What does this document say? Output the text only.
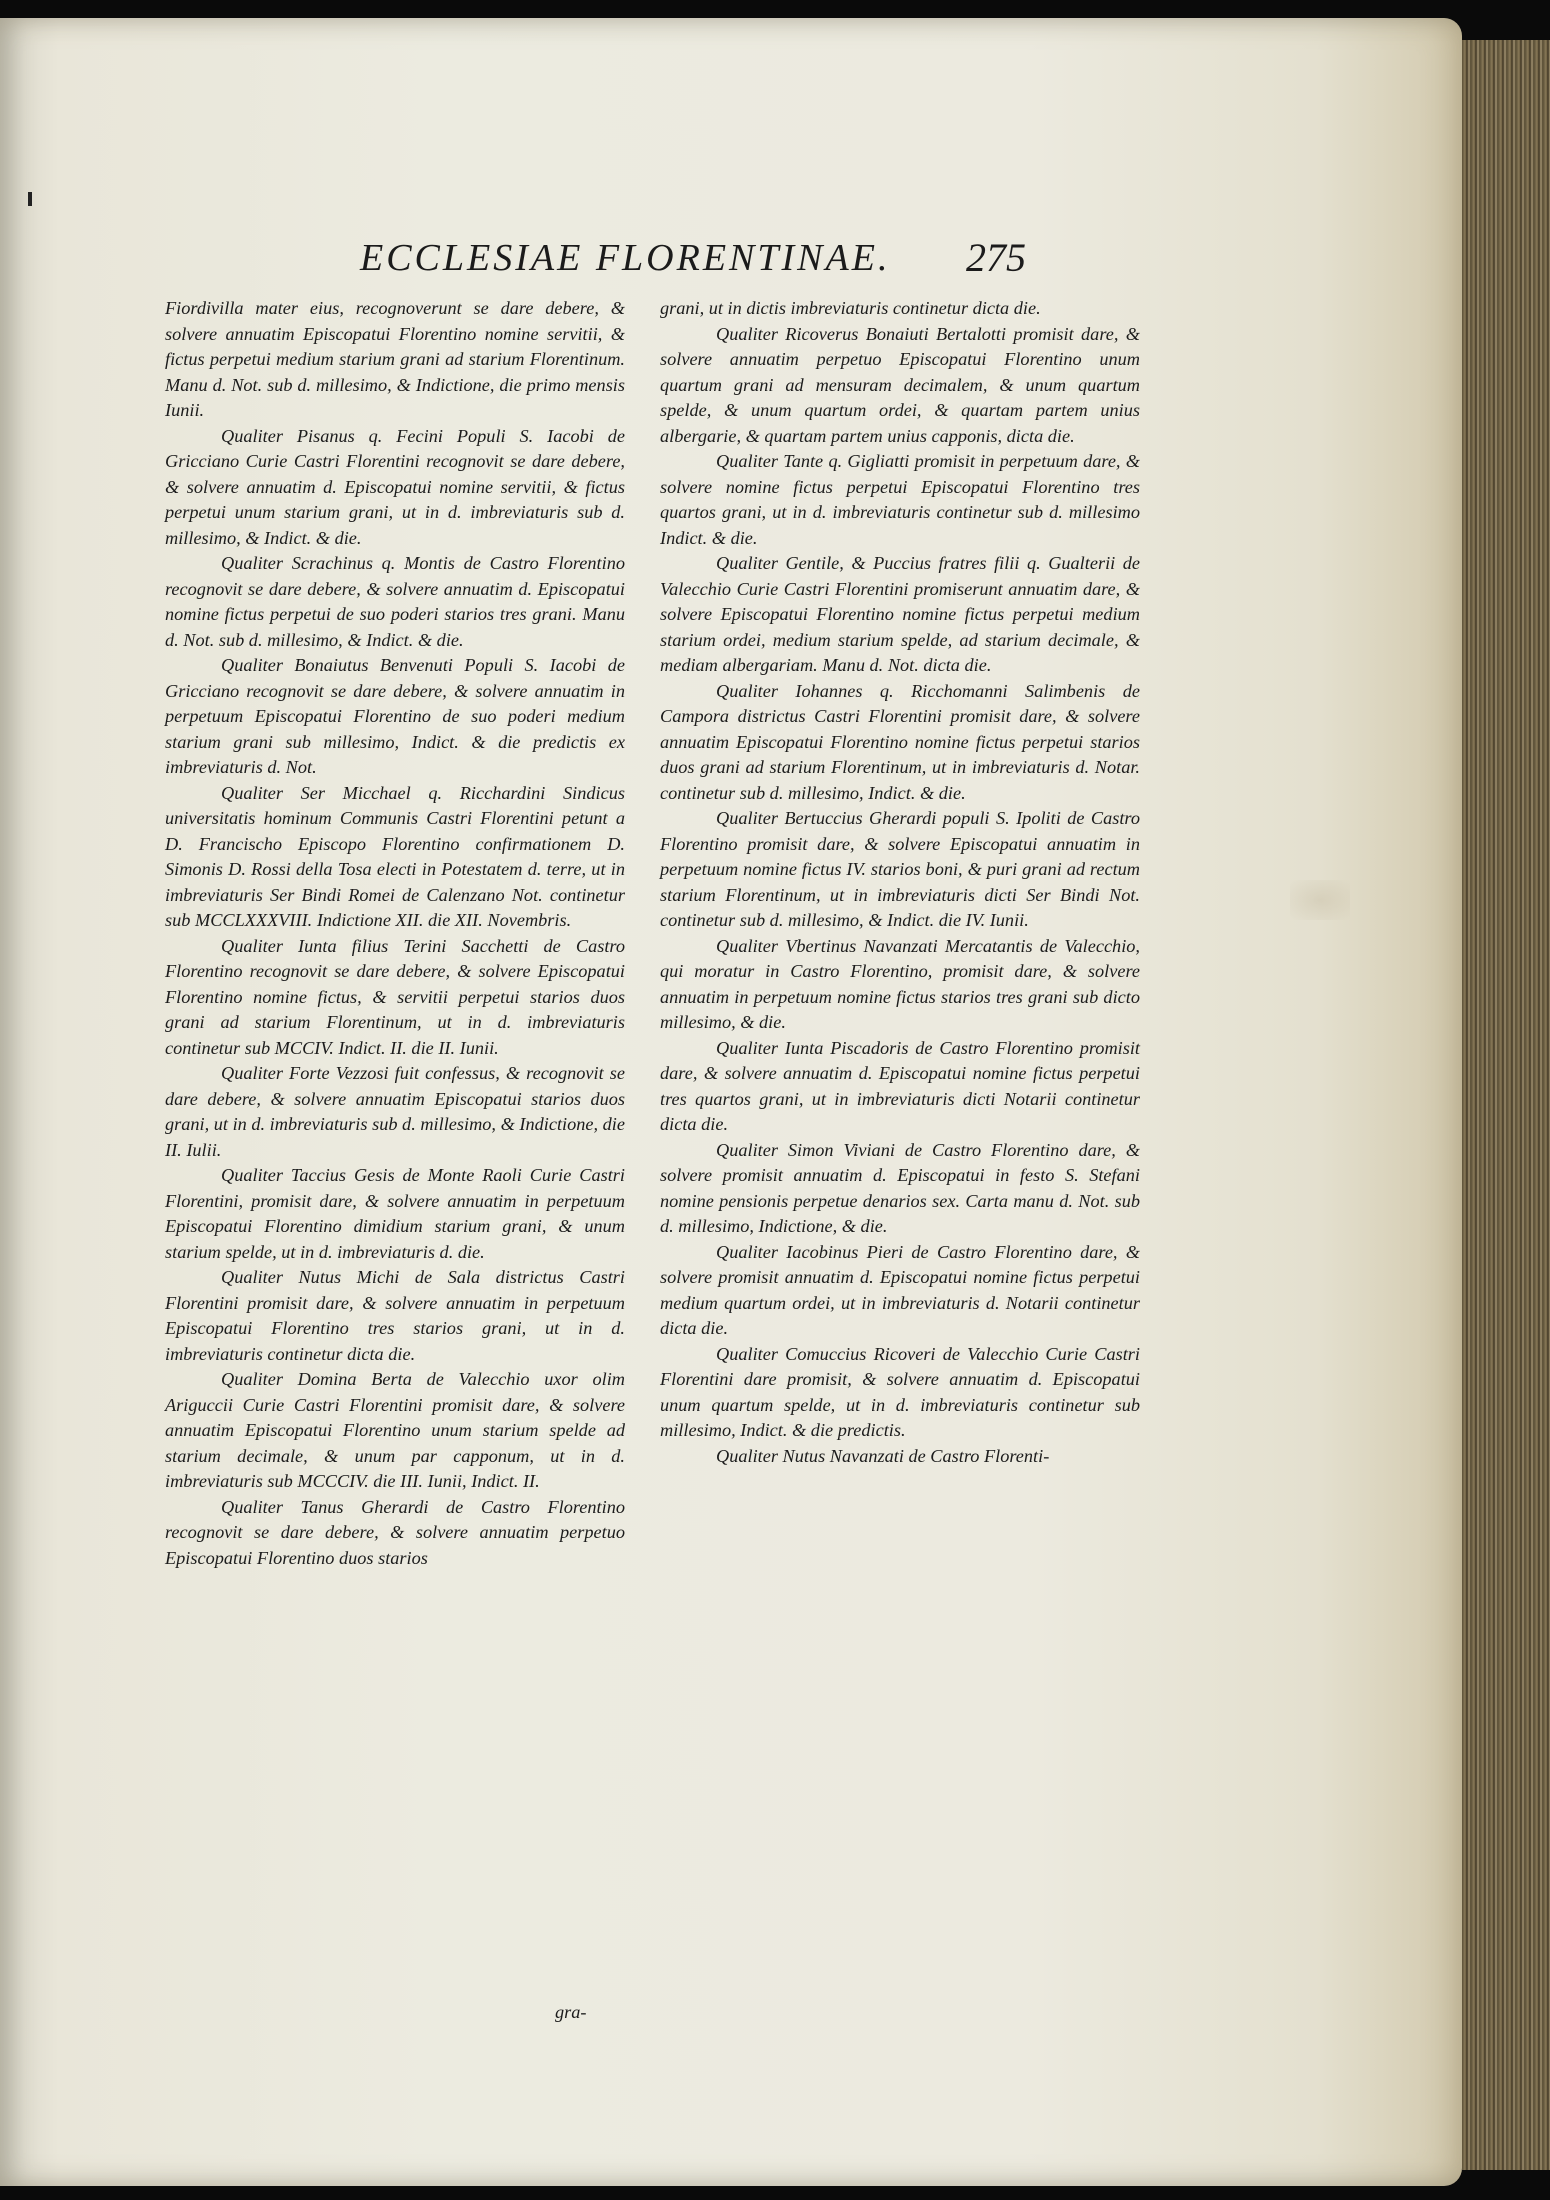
ECCLESIAE FLORENTINAE. 275

Fiordivilla mater eius, recognoverunt se dare debere, & solvere annuatim Episcopatui Florentino nomine servitii, & fictus perpetui medium starium grani ad starium Florentinum. Manu d. Not. sub d. millesimo, & Indictione, die primo mensis Iunii.

Qualiter Pisanus q. Fecini Populi S. Iacobi de Gricciano Curie Castri Florentini recognovit se dare debere, & solvere annuatim d. Episcopatui nomine servitii, & fictus perpetui unum starium grani, ut in d. imbreviaturis sub d. millesimo, & Indict. & die.

Qualiter Scrachinus q. Montis de Castro Florentino recognovit se dare debere, & solvere annuatim d. Episcopatui nomine fictus perpetui de suo poderi starios tres grani. Manu d. Not. sub d. millesimo, & Indict. & die.

Qualiter Bonaiutus Benvenuti Populi S. Iacobi de Gricciano recognovit se dare debere, & solvere annuatim in perpetuum Episcopatui Florentino de suo poderi medium starium grani sub millesimo, Indict. & die predictis ex imbreviaturis d. Not.

Qualiter Ser Micchael q. Ricchardini Sindicus universitatis hominum Communis Castri Florentini petunt a D. Francischo Episcopo Florentino confirmationem D. Simonis D. Rossi della Tosa electi in Potestatem d. terre, ut in imbreviaturis Ser Bindi Romei de Calenzano Not. continetur sub MCCLXXXVIII. Indictione XII. die XII. Novembris.

Qualiter Iunta filius Terini Sacchetti de Castro Florentino recognovit se dare debere, & solvere Episcopatui Florentino nomine fictus, & servitii perpetui starios duos grani ad starium Florentinum, ut in d. imbreviaturis continetur sub MCCIV. Indict. II. die II. Iunii.

Qualiter Forte Vezzosi fuit confessus, & recognovit se dare debere, & solvere annuatim Episcopatui starios duos grani, ut in d. imbreviaturis sub d. millesimo, & Indictione, die II. Iulii.

Qualiter Taccius Gesis de Monte Raoli Curie Castri Florentini, promisit dare, & solvere annuatim in perpetuum Episcopatui Florentino dimidium starium grani, & unum starium spelde, ut in d. imbreviaturis d. die.

Qualiter Nutus Michi de Sala districtus Castri Florentini promisit dare, & solvere annuatim in perpetuum Episcopatui Florentino tres starios grani, ut in d. imbreviaturis continetur dicta die.

Qualiter Domina Berta de Valecchio uxor olim Ariguccii Curie Castri Florentini promisit dare, & solvere annuatim Episcopatui Florentino unum starium spelde ad starium decimale, & unum par capponum, ut in d. imbreviaturis sub MCCCIV. die III. Iunii, Indict. II.

Qualiter Tanus Gherardi de Castro Florentino recognovit se dare debere, & solvere annuatim perpetuo Episcopatui Florentino duos starios

gra-

grani, ut in dictis imbreviaturis continetur dicta die.

Qualiter Ricoverus Bonaiuti Bertalotti promisit dare, & solvere annuatim perpetuo Episcopatui Florentino unum quartum grani ad mensuram decimalem, & unum quartum spelde, & unum quartum ordei, & quartam partem unius albergarie, & quartam partem unius capponis, dicta die.

Qualiter Tante q. Gigliatti promisit in perpetuum dare, & solvere nomine fictus perpetui Episcopatui Florentino tres quartos grani, ut in d. imbreviaturis continetur sub d. millesimo Indict. & die.

Qualiter Gentile, & Puccius fratres filii q. Gualterii de Valecchio Curie Castri Florentini promiserunt annuatim dare, & solvere Episcopatui Florentino nomine fictus perpetui medium starium ordei, medium starium spelde, ad starium decimale, & mediam albergariam. Manu d. Not. dicta die.

Qualiter Iohannes q. Ricchomanni Salimbenis de Campora districtus Castri Florentini promisit dare, & solvere annuatim Episcopatui Florentino nomine fictus perpetui starios duos grani ad starium Florentinum, ut in imbreviaturis d. Notar. continetur sub d. millesimo, Indict. & die.

Qualiter Bertuccius Gherardi populi S. Ipoliti de Castro Florentino promisit dare, & solvere Episcopatui annuatim in perpetuum nomine fictus IV. starios boni, & puri grani ad rectum starium Florentinum, ut in imbreviaturis dicti Ser Bindi Not. continetur sub d. millesimo, & Indict. die IV. Iunii.

Qualiter Vbertinus Navanzati Mercatantis de Valecchio, qui moratur in Castro Florentino, promisit dare, & solvere annuatim in perpetuum nomine fictus starios tres grani sub dicto millesimo, & die.

Qualiter Iunta Piscadoris de Castro Florentino promisit dare, & solvere annuatim d. Episcopatui nomine fictus perpetui tres quartos grani, ut in imbreviaturis dicti Notarii continetur dicta die.

Qualiter Simon Viviani de Castro Florentino dare, & solvere promisit annuatim d. Episcopatui in festo S. Stefani nomine pensionis perpetue denarios sex. Carta manu d. Not. sub d. millesimo, Indictione, & die.

Qualiter Iacobinus Pieri de Castro Florentino dare, & solvere promisit annuatim d. Episcopatui nomine fictus perpetui medium quartum ordei, ut in imbreviaturis d. Notarii continetur dicta die.

Qualiter Comuccius Ricoveri de Valecchio Curie Castri Florentini dare promisit, & solvere annuatim d. Episcopatui unum quartum spelde, ut in d. imbreviaturis continetur sub millesimo, Indict. & die predictis.

Qualiter Nutus Navanzati de Castro Florenti-
